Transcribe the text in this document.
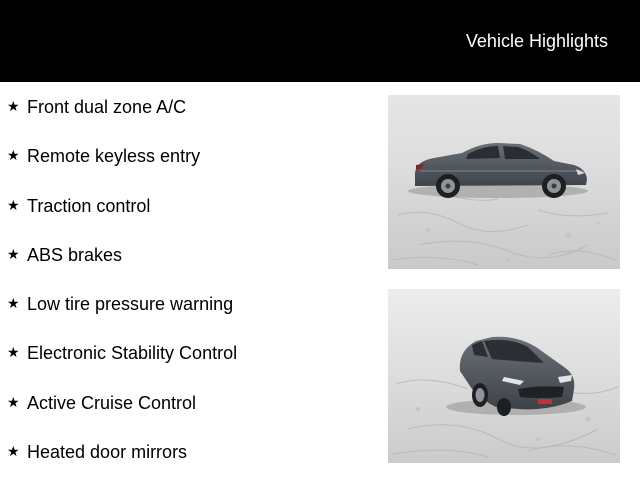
Vehicle Highlights
★ Front dual zone A/C
★ Remote keyless entry
★ Traction control
★ ABS brakes
★ Low tire pressure warning
★ Electronic Stability Control
★ Active Cruise Control
★ Heated door mirrors
